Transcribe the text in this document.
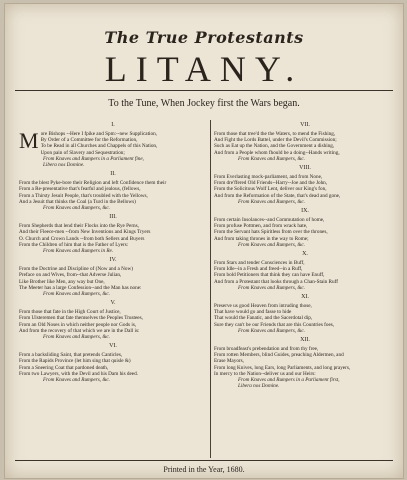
The True Protestants
LITANY.
To the Tune, When Jockey first the Wars began.
I.
M ore Bishops --Here I fpike and Spm:--new Supplication,
By Order of a Committee for the Reformation,
To be Read in all Churches and Chappels of this Nation,
Upon pain of Slavery and Sequestration;
From Knaves and Rumpers in a Parliament fine,
Libera nos Domine.
II.
From the blest Pyke-bore their Religion and left Confidence them their
From a Re-presentative that's fearful and jealous, (fellows,
From a Thirsty Jesuit People, that's troubled with the Yellows,
And a Jesuit that thinks the Coal (a Turd in the Bellows)
From Knaves and Rumpers, &c.
III.
From Shepherds that lend their Flocks into the Rye Perns,
And their Fleece-men --from New Inventions and Kings Tryers
O. Church and Crown Lands --from both Sellers and Buyers
From the Children of him that is the Father of Lyers:
From Knaves and Rumpers in Re.
IV.
From the Doctrine and Discipline of (Now and a Now)
Preface on and Wives, from--that Adverse Julian,
Like Brother like Men, any way but One,
The Meeter has a large Confession--and the Man has none:
From Knaves and Rumpers, &c.
V.
From those that fate in the High Court of Justice,
From Ulsteremen that fate themselves the Peoples Trustees,
From an Old Noses in which neither people nor Gods is,
And from the recovery of that which we are in the Dall is:
From Knaves and Rumpers, &c.
VI.
From a backsliding Saint, that pretends Canticles,
From the Rapids Province (let him sing that quisle &)
From a Sneering Coat that pardoned death,
From two Lawyers, with the Devil and his Dam his deed.
From Knaves and Rumpers, &c.
VII.
From those that tree'd the the Waters, to mend the Fishing,
And Fight the Lords Battel, under the Devil's Commission;
Such as Eat up the Nation, and the Government a dishing,
And from a People whom fhould be a doing--Hands writing,
From Knaves and Rumpers, &c.
VIII.
From Everlasting mock-parliament, and from None,
From dre'ffered Old Friends--Harry--Joe and the John,
From the Solicitous Wolf Lent, deliver our King's fon,
And from the Reformation of the State, that's dead and gone,
From Knaves and Rumpers, &c.
IX.
From certain Insolances--and Commutation of home,
From profuse Pottmen, and from wrack hate,
From the Servant hats Spiritless from over the thrones,
And from taking thrones in the way to Rome;
From Knaves and Rumpers, &c.
X.
From Stars and tender Consciences in Buff,
From Idle--in a Fresh and freed--in a Ruff,
From bold Petitioners that think they can have Enuff,
And from a Protestant that looks through a Chan-Stain Ruff
From Knaves and Rumpers, &c.
XI.
Preserve us good Heaven from intruding those,
That have would go and fasse to hide
That would the Fanatic, and the Sacerdotal dip,
Sure they can't be our Friends that are this Countries foes,
From Knaves and Rumpers, &c.
XII.
From broadfeast's prebendation and from thy free,
From rotten Members, blind Guides, preaching Aldermen, and
Erase Mayors,
From long Knives, long Ears, long Parliaments, and long prayers,
In mercy to the Nation--deliver us and our Heirs:
From Knaves and Rumpers in a Parliament first,
Libera nos Domine.
Printed in the Year, 1680.
